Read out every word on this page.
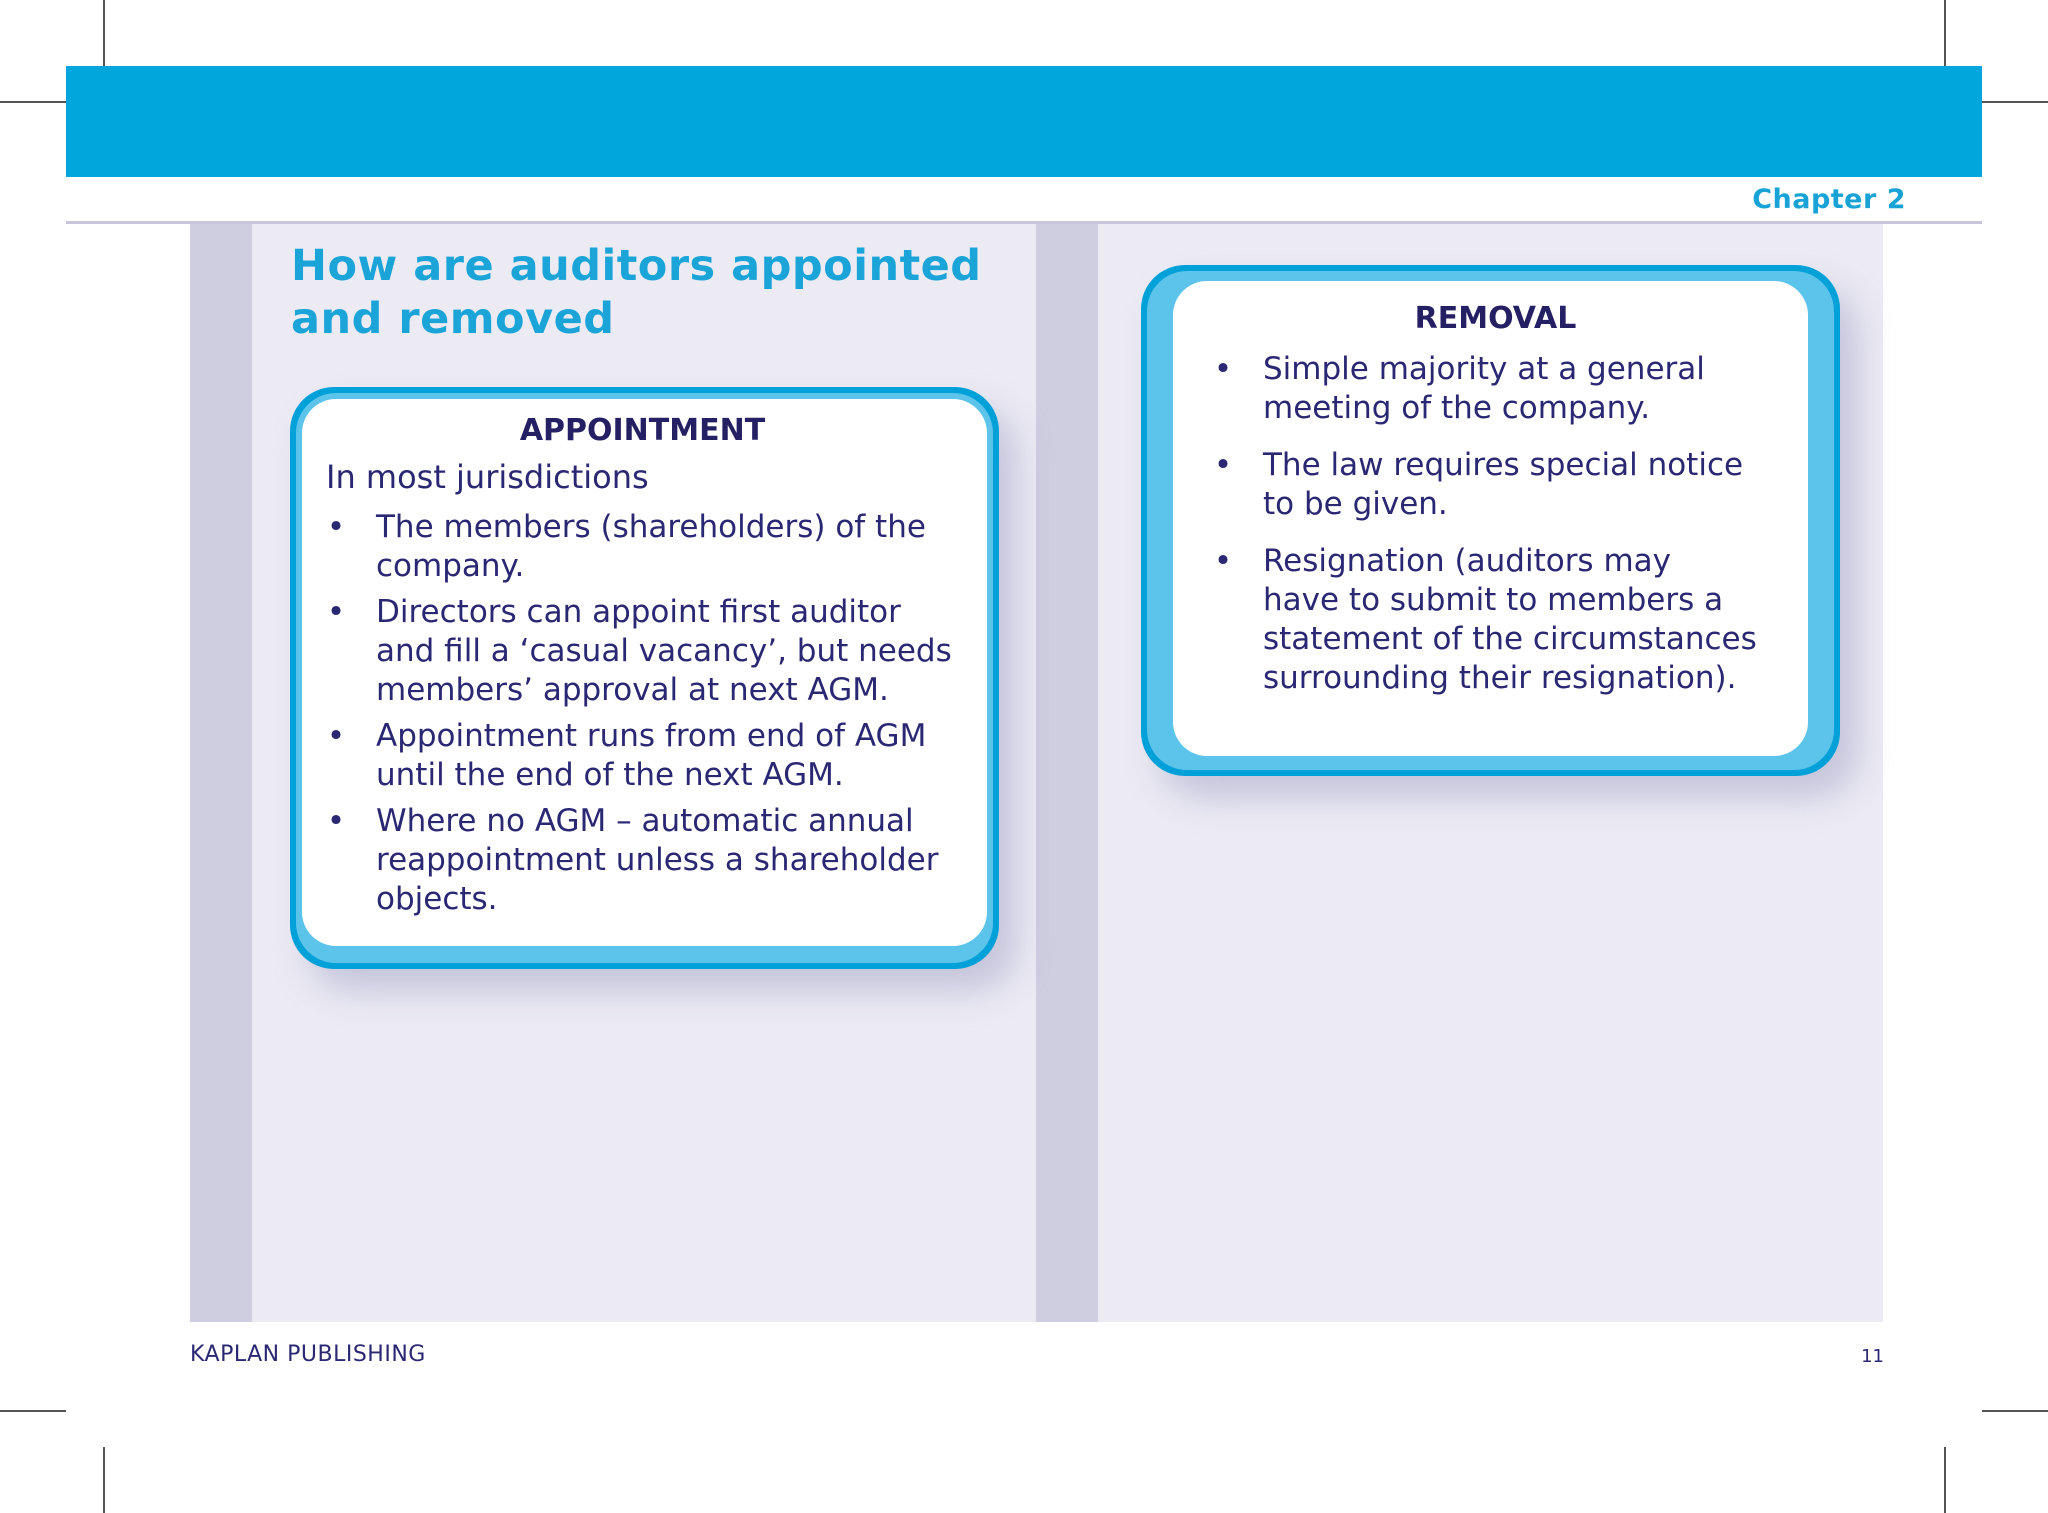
Chapter 2
How are auditors appointed
and removed
APPOINTMENT

In most jurisdictions

• The members (shareholders) of the
company.
• Directors can appoint first auditor
and fill a ‘casual vacancy’, but needs
members’ approval at next AGM.
• Appointment runs from end of AGM
until the end of the next AGM.
• Where no AGM – automatic annual
reappointment unless a shareholder
objects.
REMOVAL
• Simple majority at a general
meeting of the company.
• The law requires special notice
to be given.
• Resignation (auditors may
have to submit to members a
statement of the circumstances
surrounding their resignation).
KAPLAN PUBLISHING	11
